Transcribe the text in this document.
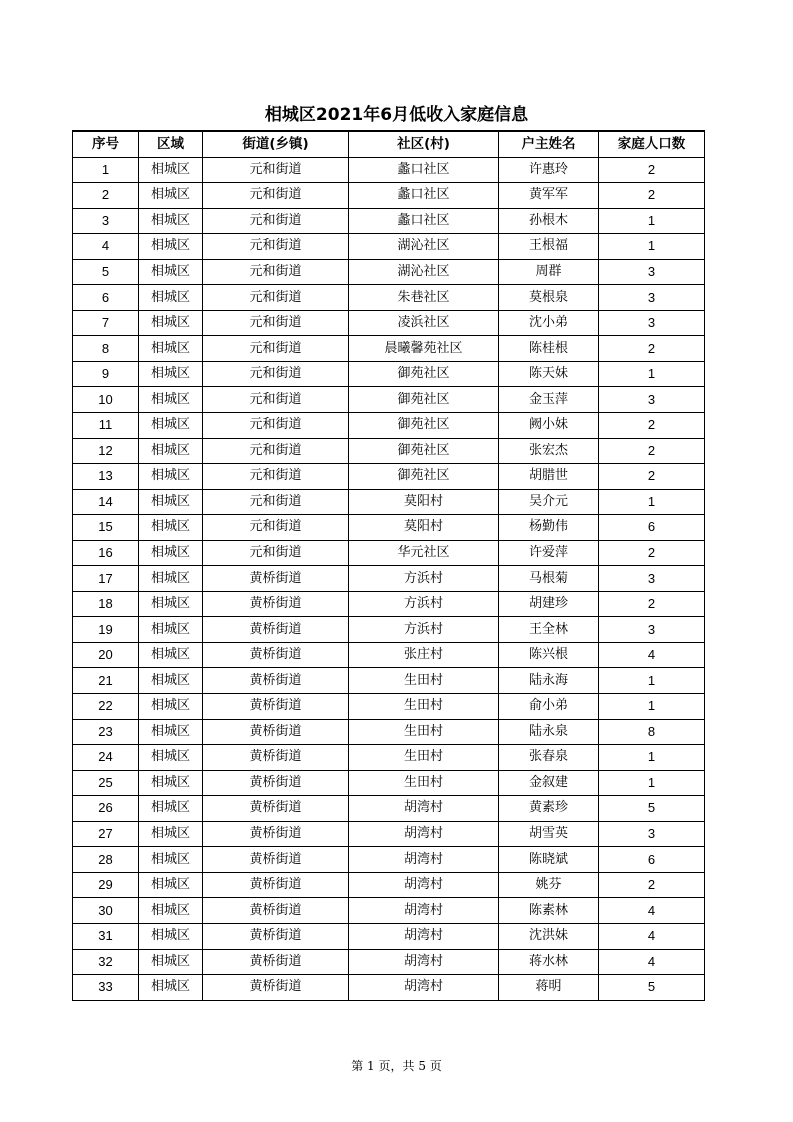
相城区2021年6月低收入家庭信息
序号	区域	街道(乡镇)	社区(村)	户主姓名	家庭人口数
1	相城区	元和街道	蠡口社区	许惠玲	2
2	相城区	元和街道	蠡口社区	黄军军	2
3	相城区	元和街道	蠡口社区	孙根木	1
4	相城区	元和街道	湖沁社区	王根福	1
5	相城区	元和街道	湖沁社区	周群	3
6	相城区	元和街道	朱巷社区	莫根泉	3
7	相城区	元和街道	凌浜社区	沈小弟	3
8	相城区	元和街道	晨曦馨苑社区	陈桂根	2
9	相城区	元和街道	御苑社区	陈天妹	1
10	相城区	元和街道	御苑社区	金玉萍	3
11	相城区	元和街道	御苑社区	阙小妹	2
12	相城区	元和街道	御苑社区	张宏杰	2
13	相城区	元和街道	御苑社区	胡腊世	2
14	相城区	元和街道	莫阳村	吴介元	1
15	相城区	元和街道	莫阳村	杨勤伟	6
16	相城区	元和街道	华元社区	许爱萍	2
17	相城区	黄桥街道	方浜村	马根菊	3
18	相城区	黄桥街道	方浜村	胡建珍	2
19	相城区	黄桥街道	方浜村	王全林	3
20	相城区	黄桥街道	张庄村	陈兴根	4
21	相城区	黄桥街道	生田村	陆永海	1
22	相城区	黄桥街道	生田村	俞小弟	1
23	相城区	黄桥街道	生田村	陆永泉	8
24	相城区	黄桥街道	生田村	张春泉	1
25	相城区	黄桥街道	生田村	金叙建	1
26	相城区	黄桥街道	胡湾村	黄素珍	5
27	相城区	黄桥街道	胡湾村	胡雪英	3
28	相城区	黄桥街道	胡湾村	陈晓斌	6
29	相城区	黄桥街道	胡湾村	姚芬	2
30	相城区	黄桥街道	胡湾村	陈素林	4
31	相城区	黄桥街道	胡湾村	沈洪妹	4
32	相城区	黄桥街道	胡湾村	蒋水林	4
33	相城区	黄桥街道	胡湾村	蒋明	5
第 1 页，共 5 页
